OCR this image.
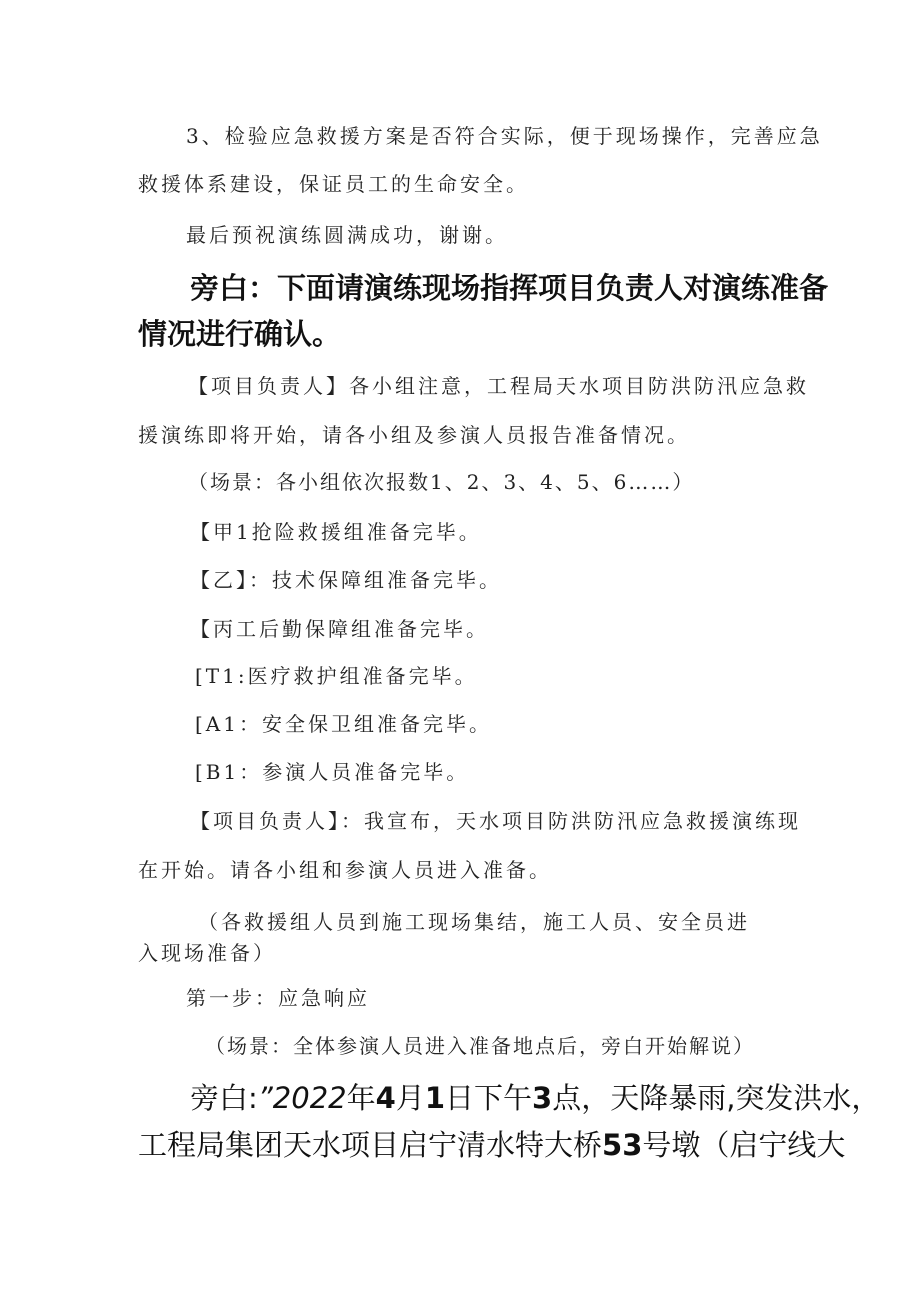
3、检验应急救援方案是否符合实际，便于现场操作，完善应急
救援体系建设，保证员工的生命安全。
最后预祝演练圆满成功，谢谢。
旁白：下面请演练现场指挥项目负责人对演练准备
情况进行确认。
【项目负责人】各小组注意，工程局天水项目防洪防汛应急救
援演练即将开始，请各小组及参演人员报告准备情况。
（场景：各小组依次报数1、2、3、4、5、6……）
【甲1抢险救援组准备完毕。
【乙】：技术保障组准备完毕。
【丙工后勤保障组准备完毕。
[T1:医疗救护组准备完毕。
[A1：安全保卫组准备完毕。
[B1：参演人员准备完毕。
【项目负责人】：我宣布，天水项目防洪防汛应急救援演练现
在开始。请各小组和参演人员进入准备。
（各救援组人员到施工现场集结，施工人员、安全员进
入现场准备）
第一步：应急响应
（场景：全体参演人员进入准备地点后，旁白开始解说）
旁白:”2022年4月1日下午3点，天降暴雨,突发洪水，
工程局集团天水项目启宁清水特大桥53号墩（启宁线大
